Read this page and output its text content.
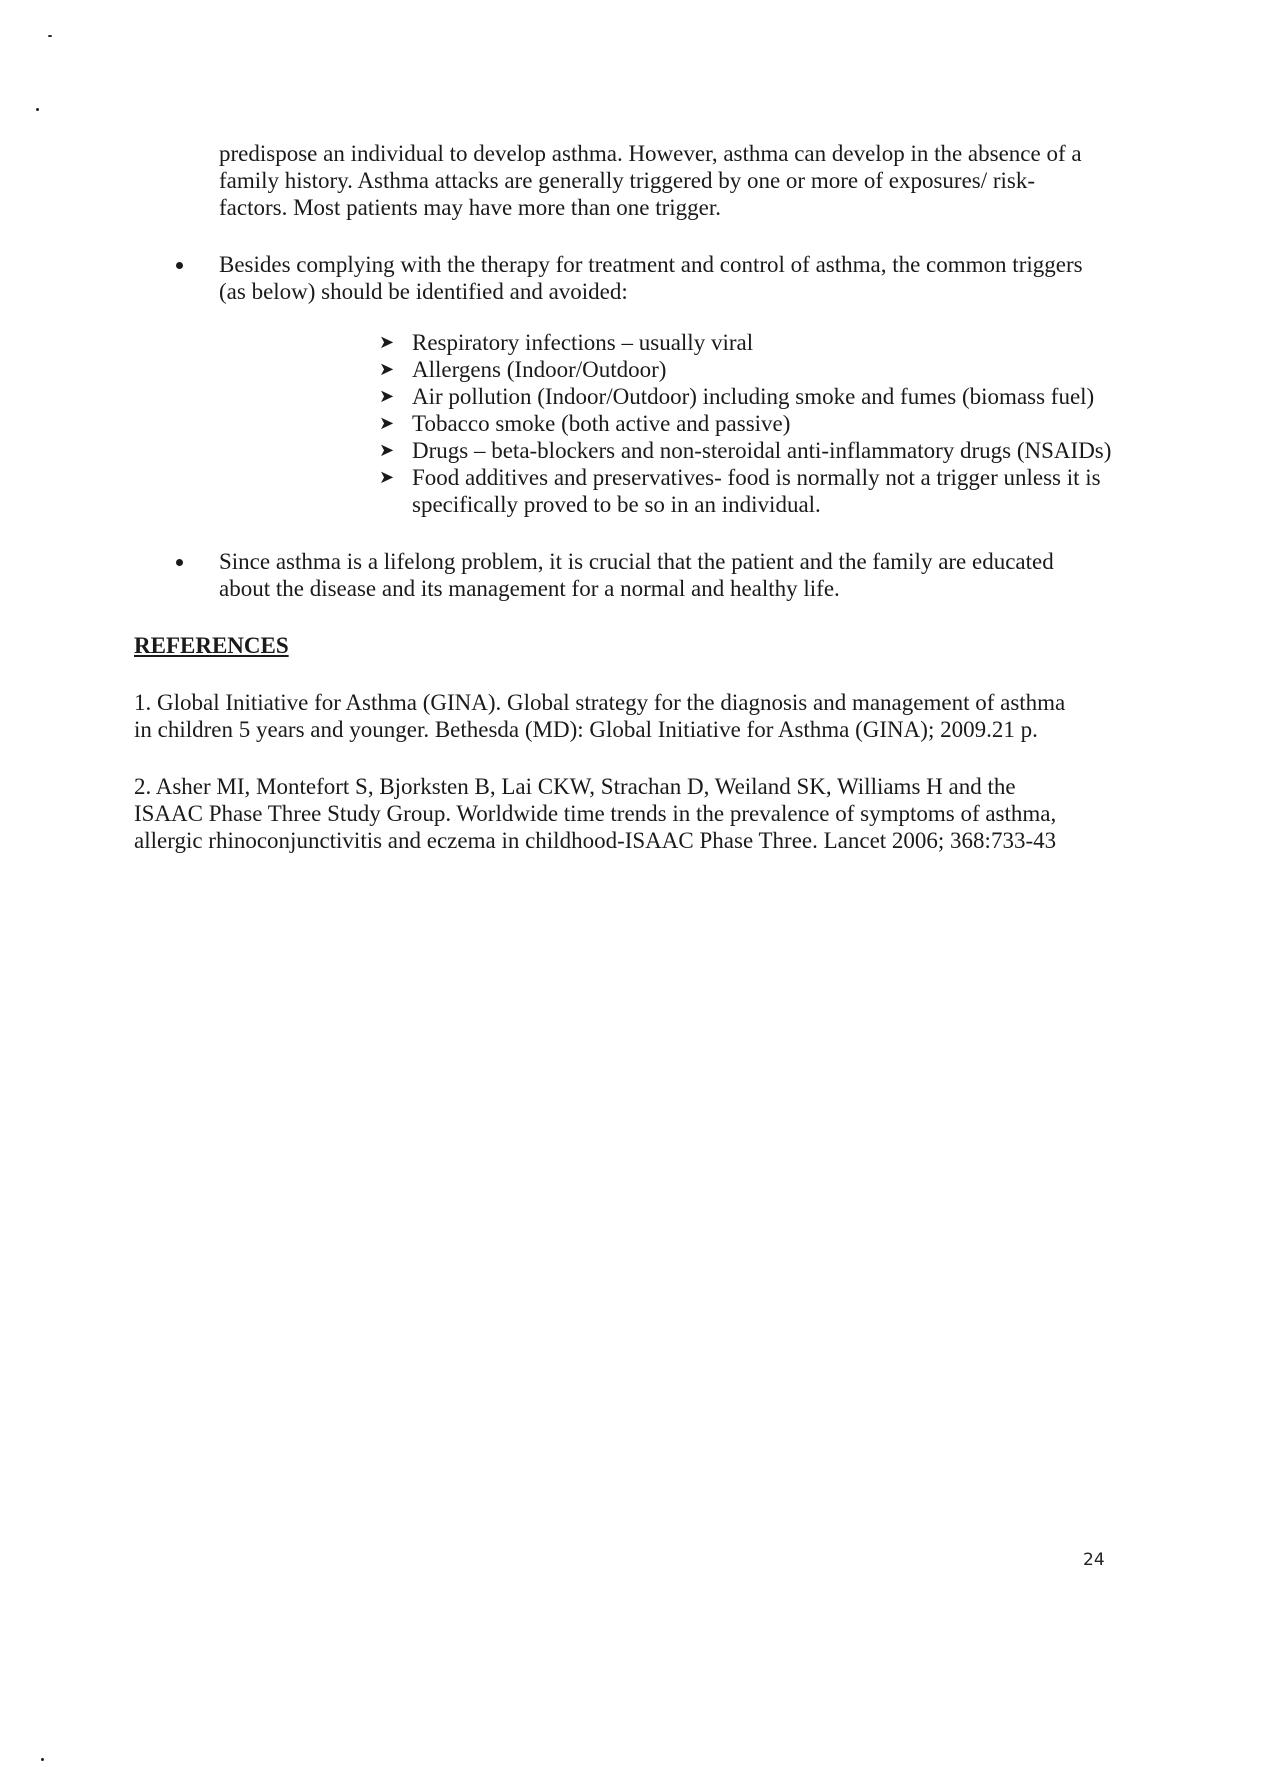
predispose an individual to develop asthma. However, asthma can develop in the absence of a family history. Asthma attacks are generally triggered by one or more of exposures/ risk-factors. Most patients may have more than one trigger.

Besides complying with the therapy for treatment and control of asthma, the common triggers (as below) should be identified and avoided:
➤ Respiratory infections – usually viral
➤ Allergens (Indoor/Outdoor)
➤ Air pollution (Indoor/Outdoor) including smoke and fumes (biomass fuel)
➤ Tobacco smoke (both active and passive)
➤ Drugs – beta-blockers and non-steroidal anti-inflammatory drugs (NSAIDs)
➤ Food additives and preservatives- food is normally not a trigger unless it is specifically proved to be so in an individual.
Since asthma is a lifelong problem, it is crucial that the patient and the family are educated about the disease and its management for a normal and healthy life.
REFERENCES
1. Global Initiative for Asthma (GINA). Global strategy for the diagnosis and management of asthma in children 5 years and younger. Bethesda (MD): Global Initiative for Asthma (GINA); 2009.21 p.
2. Asher MI, Montefort S, Bjorksten B, Lai CKW, Strachan D, Weiland SK, Williams H and the ISAAC Phase Three Study Group. Worldwide time trends in the prevalence of symptoms of asthma, allergic rhinoconjunctivitis and eczema in childhood-ISAAC Phase Three. Lancet 2006; 368:733-43
24
